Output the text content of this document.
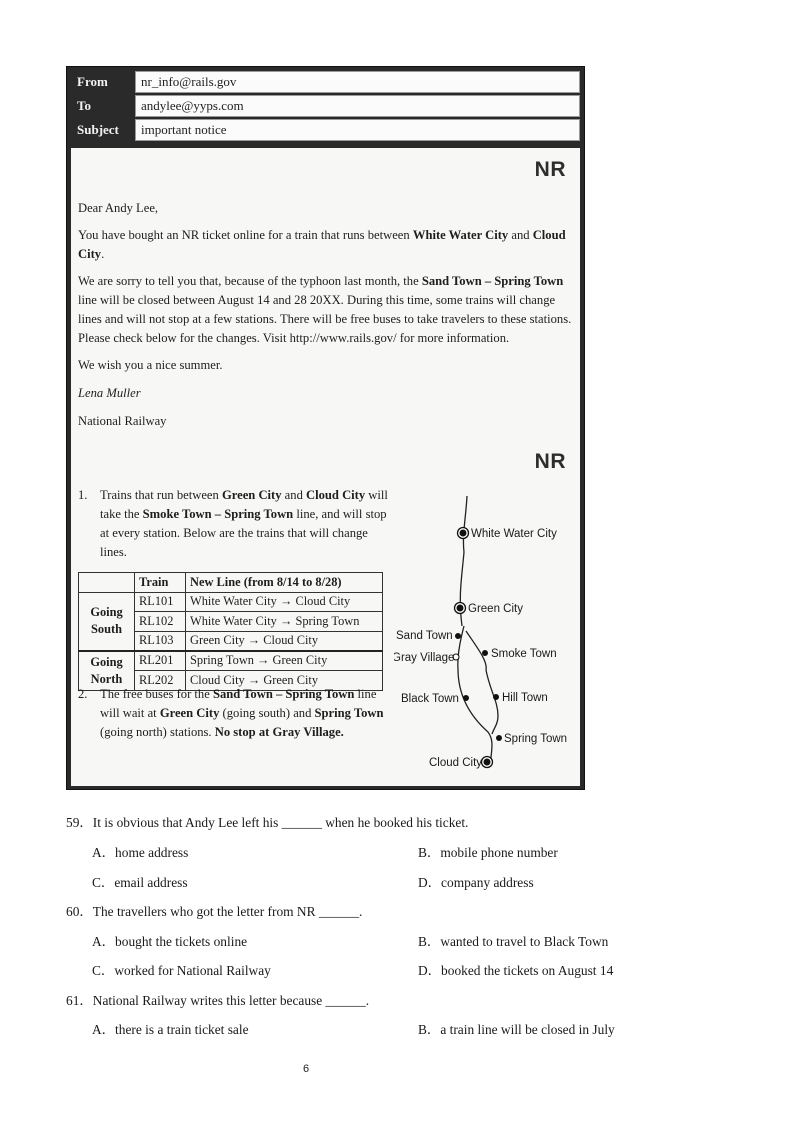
From	nr_info@rails.gov
To	andylee@yyps.com
Subject	important notice
NR
Dear Andy Lee,
You have bought an NR ticket online for a train that runs between White Water City and Cloud City.
We are sorry to tell you that, because of the typhoon last month, the Sand Town – Spring Town line will be closed between August 14 and 28 20XX. During this time, some trains will change lines and will not stop at a few stations. There will be free buses to take travelers to these stations. Please check below for the changes. Visit http://www.rails.gov/ for more information.
We wish you a nice summer.
Lena Muller
National Railway
NR
1. Trains that run between Green City and Cloud City will take the Smoke Town – Spring Town line, and will stop at every station. Below are the trains that will change lines.
	Train	New Line (from 8/14 to 8/28)
Going South	RL101	White Water City → Cloud City
	RL102	White Water City → Spring Town
	RL103	Green City → Cloud City
Going North	RL201	Spring Town → Green City
	RL202	Cloud City → Green City
2. The free buses for the Sand Town – Spring Town line will wait at Green City (going south) and Spring Town (going north) stations. No stop at Gray Village.
White Water City
Green City
Sand Town
Gray Village	Smoke Town
Black Town	Hill Town
Spring Town
Cloud City
59．It is obvious that Andy Lee left his ______ when he booked his ticket.
A．home address	B．mobile phone number
C．email address	D．company address
60．The travellers who got the letter from NR ______.
A．bought the tickets online	B．wanted to travel to Black Town
C．worked for National Railway	D．booked the tickets on August 14
61．National Railway writes this letter because ______.
A．there is a train ticket sale	B．a train line will be closed in July
6
